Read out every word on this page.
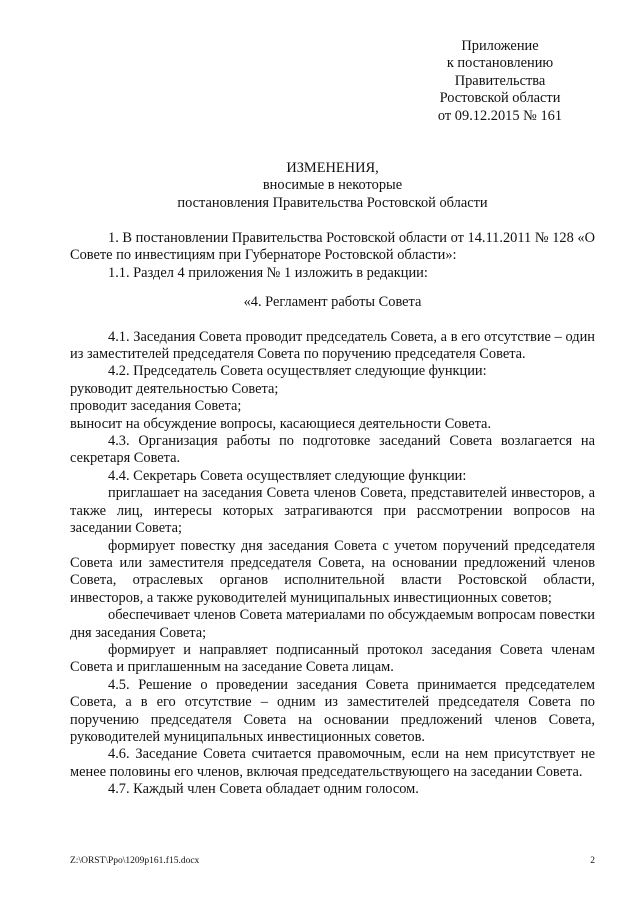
Приложение
к постановлению
Правительства
Ростовской области
от 09.12.2015 № 161
ИЗМЕНЕНИЯ,
вносимые в некоторые
постановления Правительства Ростовской области

1. В постановлении Правительства Ростовской области от 14.11.2011 № 128 «О Совете по инвестициям при Губернаторе Ростовской области»:

1.1. Раздел 4 приложения № 1 изложить в редакции:

«4. Регламент работы Совета

4.1. Заседания Совета проводит председатель Совета, а в его отсутствие – один из заместителей председателя Совета по поручению председателя Совета.

4.2. Председатель Совета осуществляет следующие функции:

руководит деятельностью Совета;

проводит заседания Совета;

выносит на обсуждение вопросы, касающиеся деятельности Совета.

4.3. Организация работы по подготовке заседаний Совета возлагается на секретаря Совета.

4.4. Секретарь Совета осуществляет следующие функции:

приглашает на заседания Совета членов Совета, представителей инвесторов, а также лиц, интересы которых затрагиваются при рассмотрении вопросов на заседании Совета;

формирует повестку дня заседания Совета с учетом поручений председателя Совета или заместителя председателя Совета, на основании предложений членов Совета, отраслевых органов исполнительной власти Ростовской области, инвесторов, а также руководителей муниципальных инвестиционных советов;

обеспечивает членов Совета материалами по обсуждаемым вопросам повестки дня заседания Совета;

формирует и направляет подписанный протокол заседания Совета членам Совета и приглашенным на заседание Совета лицам.

4.5. Решение о проведении заседания Совета принимается председателем Совета, а в его отсутствие – одним из заместителей председателя Совета по поручению председателя Совета на основании предложений членов Совета, руководителей муниципальных инвестиционных советов.

4.6. Заседание Совета считается правомочным, если на нем присутствует не менее половины его членов, включая председательствующего на заседании Совета.

4.7. Каждый член Совета обладает одним голосом.

Z:\ORST\Ppo\1209p161.f15.docx	2
